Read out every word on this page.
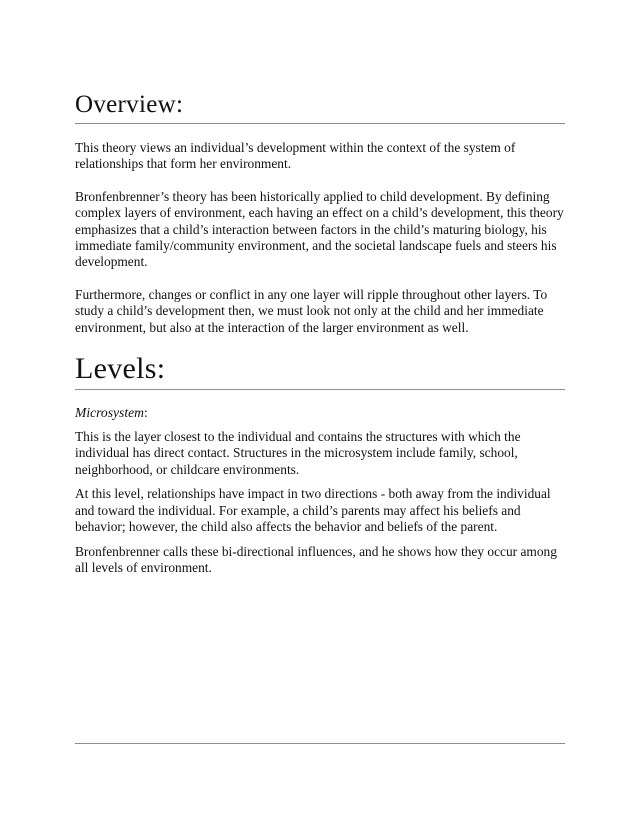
Overview:

This theory views an individual’s development within the context of the system of relationships that form her environment.

Bronfenbrenner’s theory has been historically applied to child development. By defining complex layers of environment, each having an effect on a child’s development, this theory emphasizes that a child’s interaction between factors in the child’s maturing biology, his immediate family/community environment, and the societal landscape fuels and steers his development.

Furthermore, changes or conflict in any one layer will ripple throughout other layers. To study a child’s development then, we must look not only at the child and her immediate environment, but also at the interaction of the larger environment as well.

Levels:
Microsystem:

This is the layer closest to the individual and contains the structures with which the individual has direct contact. Structures in the microsystem include family, school, neighborhood, or childcare environments.

At this level, relationships have impact in two directions - both away from the individual and toward the individual. For example, a child’s parents may affect his beliefs and behavior; however, the child also affects the behavior and beliefs of the parent.

Bronfenbrenner calls these bi-directional influences, and he shows how they occur among all levels of environment.
